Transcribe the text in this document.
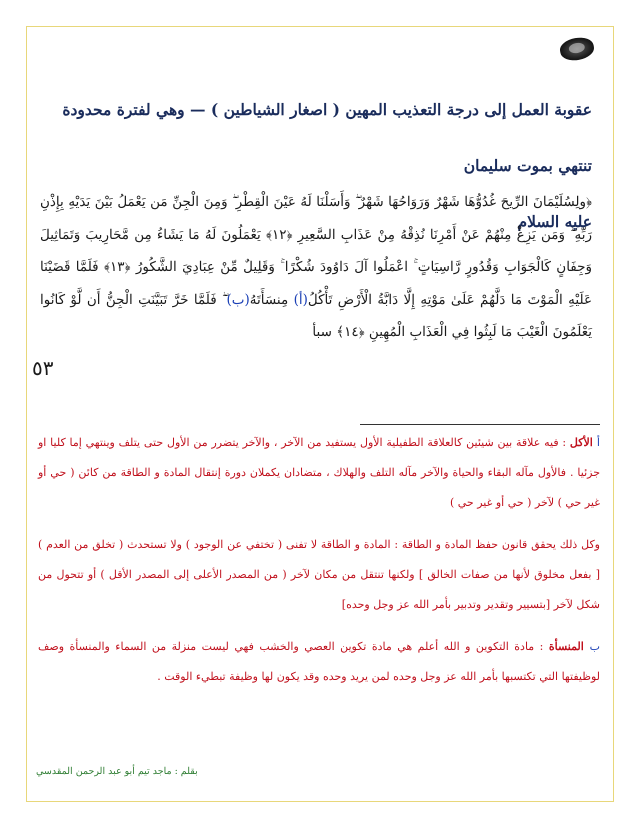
عقوبة العمل إلى درجة التعذيب المهين ( اصغار الشياطين ) — وهي لفترة محدودة تنتهي بموت سليمان
عليه السلام
﴿ولِسُلَيْمَانَ الرِّيحَ غُدُوُّهَا شَهْرٌ وَرَوَاحُهَا شَهْرٌ ۖ وَأَسَلْنَا لَهُ عَيْنَ الْقِطْرِ ۖ وَمِنَ الْجِنِّ مَن يَعْمَلُ بَيْنَ يَدَيْهِ بِإِذْنِ رَبِّهِ ۖ وَمَن يَزِغْ مِنْهُمْ عَنْ أَمْرِنَا نُذِقْهُ مِنْ عَذَابِ السَّعِيرِ ﴿١٢﴾ يَعْمَلُونَ لَهُ مَا يَشَاءُ مِن مَّحَارِيبَ وَتَمَاثِيلَ وَجِفَانٍ كَالْجَوَابِ وَقُدُورٍ رَّاسِيَاتٍ ۚ اعْمَلُوا آلَ دَاوُودَ شُكْرًا ۚ وَقَلِيلٌ مِّنْ عِبَادِيَ الشَّكُورُ ﴿١٣﴾ فَلَمَّا قَضَيْنَا عَلَيْهِ الْمَوْتَ مَا دَلَّهُمْ عَلَىٰ مَوْتِهِ إِلَّا دَابَّةُ الْأَرْضِ تَأْكُلُ(أ) مِنسَأَتَهُ(ب) ۖ فَلَمَّا خَرَّ تَبَيَّنَتِ الْجِنُّ أَن لَّوْ كَانُوا يَعْلَمُونَ الْغَيْبَ مَا لَبِثُوا فِي الْعَذَابِ الْمُهِينِ ﴿١٤﴾ سبأ
٥٣

أ الأكل : فيه علاقة بين شيئين كالعلاقة الطفيلية الأول يستفيد من الآخر ، والآخر يتضرر من الأول حتى يتلف وينتهي إما كليا او جزئيا . فالأول مآله البقاء والحياة والآخر مآله التلف والهلاك ، متضادان يكملان دورة إنتقال المادة و الطاقة من كائن ( حي أو غير حي ) لآخر ( حي أو غير حي )

وكل ذلك يحقق قانون حفظ المادة و الطاقة : المادة و الطاقة لا تفنى ( تختفي عن الوجود ) ولا تستحدث ( تخلق من العدم ) [ بفعل مخلوق لأنها من صفات الخالق ] ولكنها تنتقل من مكان لآخر ( من المصدر الأعلى إلى المصدر الأقل ) أو تتحول من شكل لآخر [بتسيير وتقدير وتدبير بأمر الله عز وجل وحده]

ب المنسأة : مادة التكوين و الله أعلم هي مادة تكوين العصي والخشب فهي ليست منزلة من السماء والمنسأة وصف لوظيفتها التي تكتسبها بأمر الله عز وجل وحده لمن يريد وحده وقد يكون لها وظيفة تبطيء الوقت .

بقلم : ماجد تيم أبو عبد الرحمن المقدسي
